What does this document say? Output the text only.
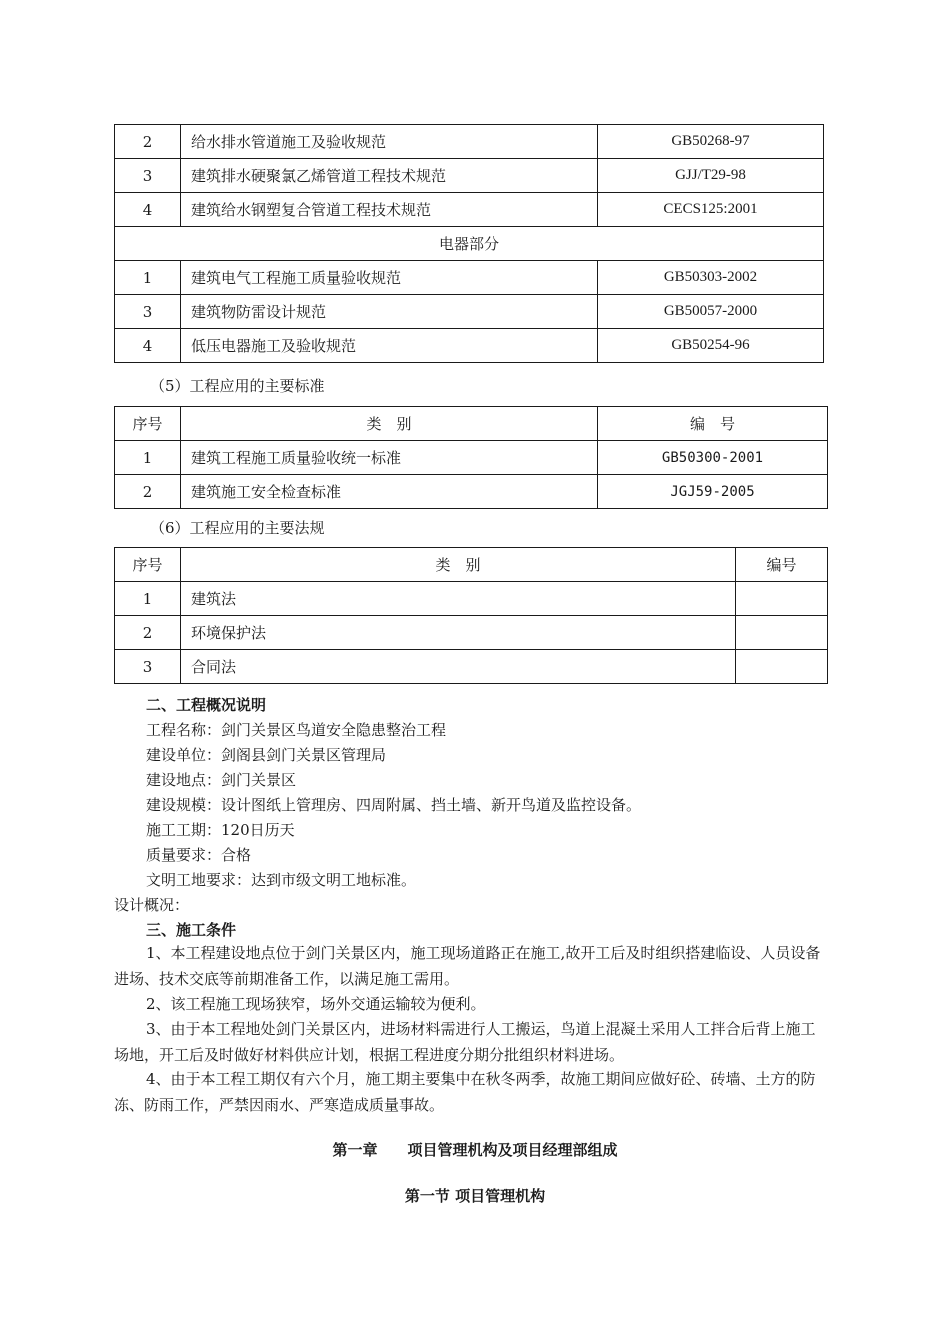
2	给水排水管道施工及验收规范	GB50268-97
3	建筑排水硬聚氯乙烯管道工程技术规范	GJJ/T29-98
4	建筑给水钢塑复合管道工程技术规范	CECS125:2001
电器部分		
1	建筑电气工程施工质量验收规范	GB50303-2002
3	建筑物防雷设计规范	GB50057-2000
4	低压电器施工及验收规范	GB50254-96
（5）工程应用的主要标准
序号	类　别	编　号
1	建筑工程施工质量验收统一标准	GB50300-2001
2	建筑施工安全检查标准	JGJ59-2005
（6）工程应用的主要法规
序号	类　别	编号
1	建筑法	
2	环境保护法	
3	合同法	
二、工程概况说明
工程名称：剑门关景区鸟道安全隐患整治工程
建设单位：剑阁县剑门关景区管理局
建设地点：剑门关景区
建设规模：设计图纸上管理房、四周附属、挡土墙、新开鸟道及监控设备。
施工工期：120日历天
质量要求：合格
文明工地要求：达到市级文明工地标准。
设计概况：
三、施工条件
1、本工程建设地点位于剑门关景区内，施工现场道路正在施工,故开工后及时组织搭建临设、人员设备进场、技术交底等前期准备工作，以满足施工需用。
2、该工程施工现场狭窄，场外交通运输较为便利。
3、由于本工程地处剑门关景区内，进场材料需进行人工搬运，鸟道上混凝土采用人工拌合后背上施工场地，开工后及时做好材料供应计划，根据工程进度分期分批组织材料进场。
4、由于本工程工期仅有六个月，施工期主要集中在秋冬两季，故施工期间应做好砼、砖墙、土方的防冻、防雨工作，严禁因雨水、严寒造成质量事故。
第一章　　项目管理机构及项目经理部组成
第一节 项目管理机构
